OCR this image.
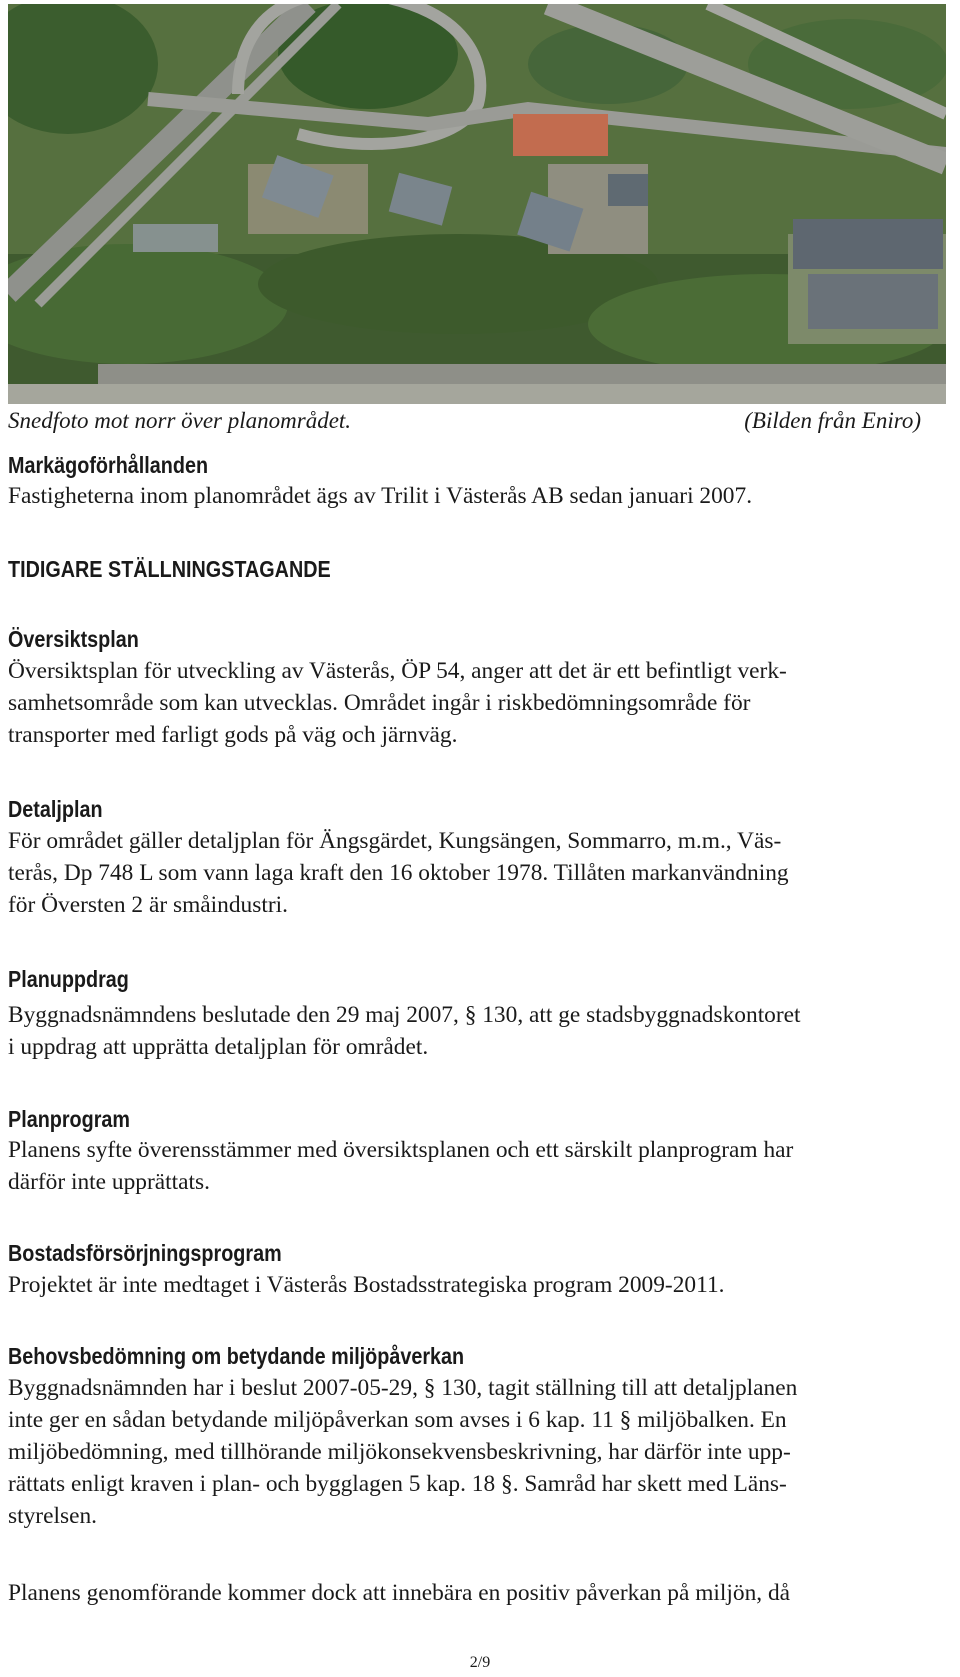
Snedfoto mot norr över planområdet.	(Bilden från Eniro)
Markägoförhållanden
Fastigheterna inom planområdet ägs av Trilit i Västerås AB sedan januari 2007.
TIDIGARE STÄLLNINGSTAGANDE
Översiktsplan
Översiktsplan för utveckling av Västerås, ÖP 54, anger att det är ett befintligt verk-
samhetsområde som kan utvecklas. Området ingår i riskbedömningsområde för
transporter med farligt gods på väg och järnväg.
Detaljplan
För området gäller detaljplan för Ängsgärdet, Kungsängen, Sommarro, m.m., Väs-
terås, Dp 748 L som vann laga kraft den 16 oktober 1978. Tillåten markanvändning
för Översten 2 är småindustri.
Planuppdrag
Byggnadsnämndens beslutade den 29 maj 2007, § 130, att ge stadsbyggnadskontoret
i uppdrag att upprätta detaljplan för området.
Planprogram
Planens syfte överensstämmer med översiktsplanen och ett särskilt planprogram har
därför inte upprättats.
Bostadsförsörjningsprogram
Projektet är inte medtaget i Västerås Bostadsstrategiska program 2009-2011.
Behovsbedömning om betydande miljöpåverkan
Byggnadsnämnden har i beslut 2007-05-29, § 130, tagit ställning till att detaljplanen
inte ger en sådan betydande miljöpåverkan som avses i 6 kap. 11 § miljöbalken. En
miljöbedömning, med tillhörande miljökonsekvensbeskrivning, har därför inte upp-
rättats enligt kraven i plan- och bygglagen 5 kap. 18 §. Samråd har skett med Läns-
styrelsen.
Planens genomförande kommer dock att innebära en positiv påverkan på miljön, då
2/9
